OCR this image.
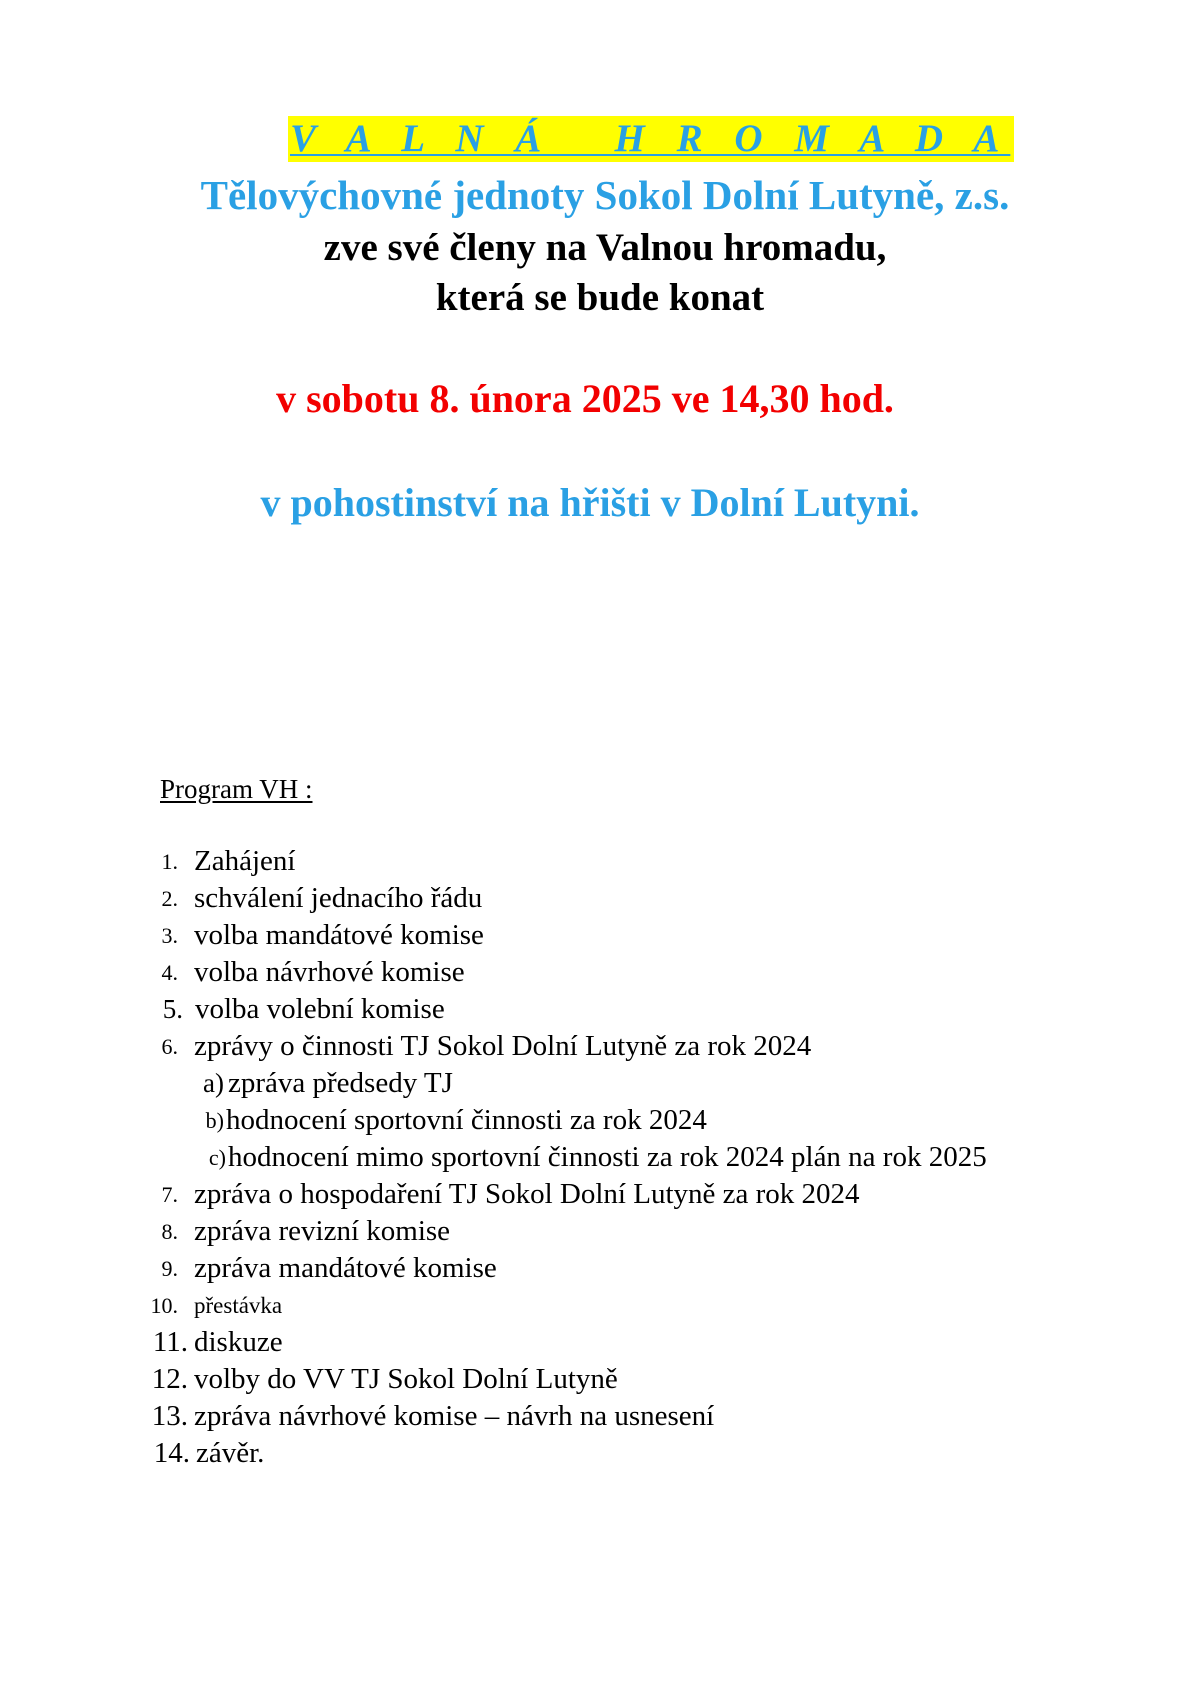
V A L N Á   H R O M A D A
Tělovýchovné jednoty Sokol Dolní Lutyně, z.s.
zve své členy na Valnou hromadu,
která se bude konat
v sobotu 8. února 2025 ve 14,30 hod.
v pohostinství na hřišti v Dolní Lutyni.
Program VH :
1. Zahájení
2. schválení jednacího řádu
3. volba mandátové komise
4. volba návrhové komise
5. volba volební komise
6. zprávy o činnosti TJ Sokol Dolní Lutyně za rok 2024
a) zpráva předsedy TJ
b) hodnocení sportovní činnosti za rok 2024
c) hodnocení mimo sportovní činnosti za rok 2024 plán na rok 2025
7. zpráva o hospodaření TJ Sokol Dolní Lutyně za rok 2024
8. zpráva revizní komise
9. zpráva mandátové komise
10. přestávka
11. diskuze
12. volby do VV TJ Sokol Dolní Lutyně
13. zpráva návrhové komise – návrh na usnesení
14. závěr.
